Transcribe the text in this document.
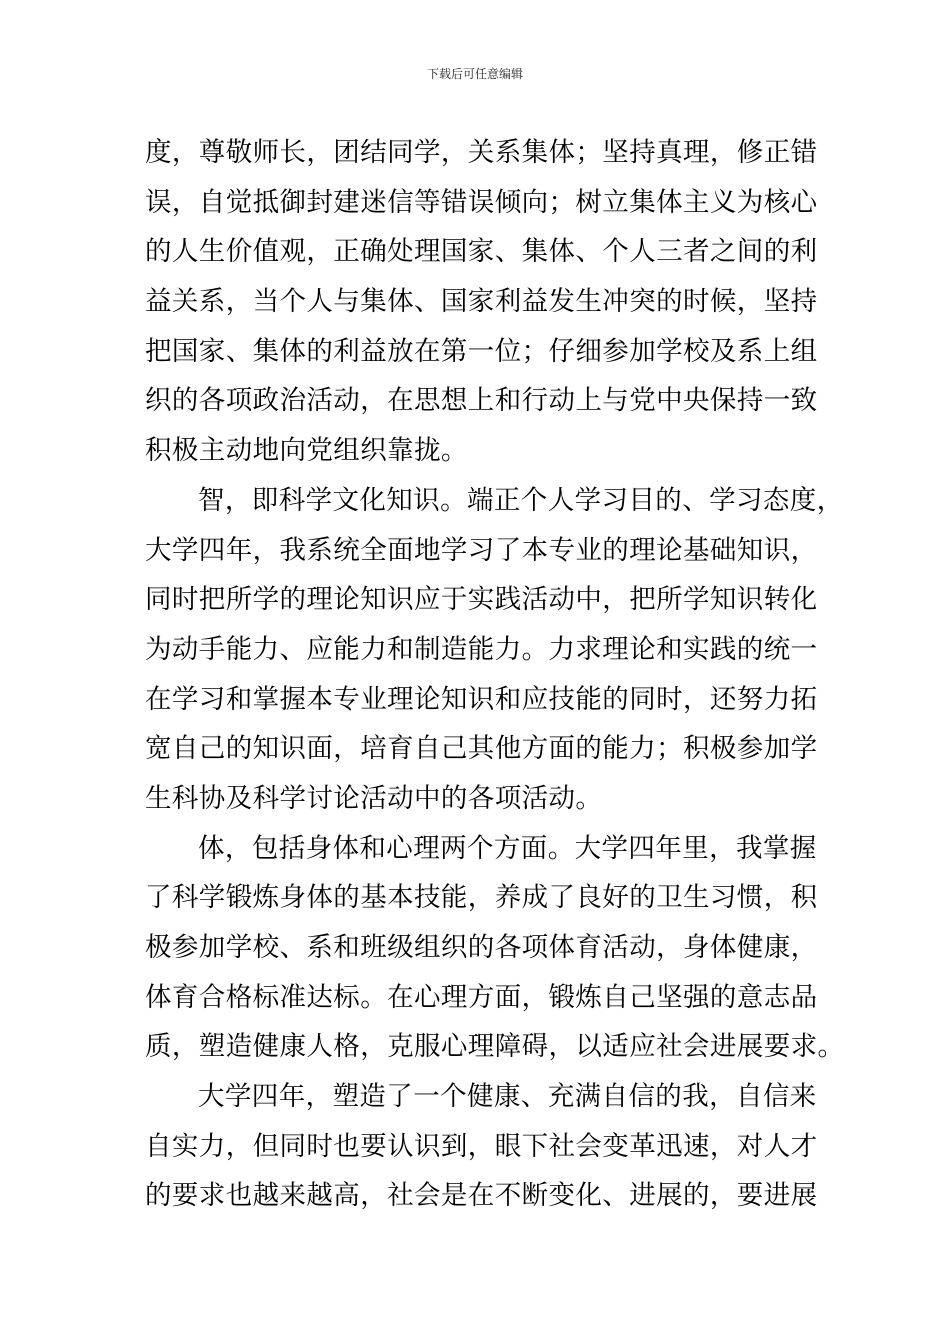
下载后可任意编辑
度，尊敬师长，团结同学，关系集体；坚持真理，修正错
误，自觉抵御封建迷信等错误倾向；树立集体主义为核心
的人生价值观，正确处理国家、集体、个人三者之间的利
益关系，当个人与集体、国家利益发生冲突的时候，坚持
把国家、集体的利益放在第一位；仔细参加学校及系上组
织的各项政治活动，在思想上和行动上与党中央保持一致
积极主动地向党组织靠拢。
智，即科学文化知识。端正个人学习目的、学习态度，
大学四年，我系统全面地学习了本专业的理论基础知识，
同时把所学的理论知识应于实践活动中，把所学知识转化
为动手能力、应能力和制造能力。力求理论和实践的统一
在学习和掌握本专业理论知识和应技能的同时，还努力拓
宽自己的知识面，培育自己其他方面的能力；积极参加学
生科协及科学讨论活动中的各项活动。
体，包括身体和心理两个方面。大学四年里，我掌握
了科学锻炼身体的基本技能，养成了良好的卫生习惯，积
极参加学校、系和班级组织的各项体育活动，身体健康，
体育合格标准达标。在心理方面，锻炼自己坚强的意志品
质，塑造健康人格，克服心理障碍，以适应社会进展要求。
大学四年，塑造了一个健康、充满自信的我，自信来
自实力，但同时也要认识到，眼下社会变革迅速，对人才
的要求也越来越高，社会是在不断变化、进展的，要进展
